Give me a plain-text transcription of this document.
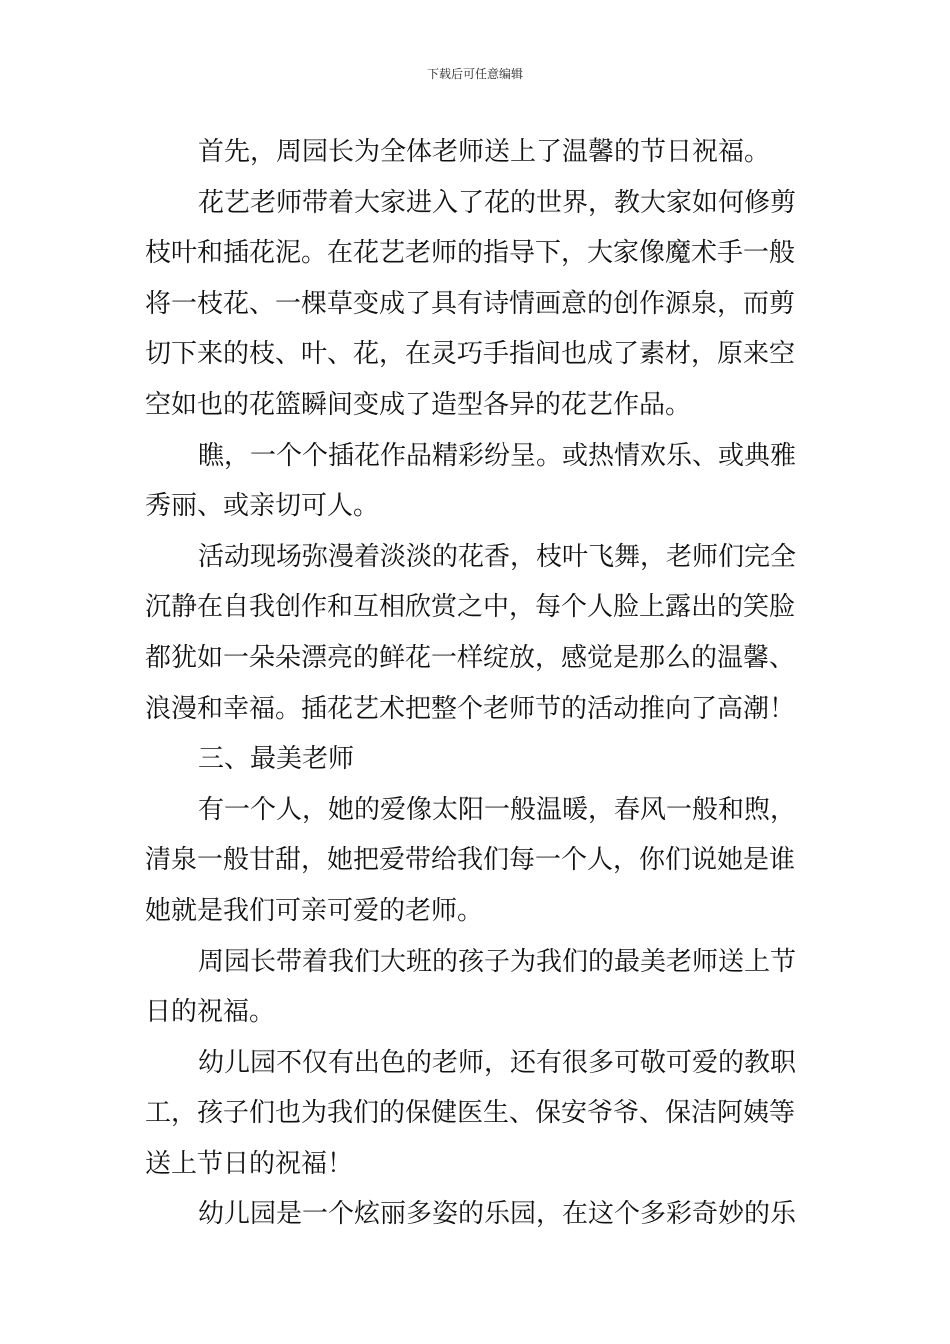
下载后可任意编辑
首先，周园长为全体老师送上了温馨的节日祝福。
花艺老师带着大家进入了花的世界，教大家如何修剪
枝叶和插花泥。在花艺老师的指导下，大家像魔术手一般
将一枝花、一棵草变成了具有诗情画意的创作源泉，而剪
切下来的枝、叶、花，在灵巧手指间也成了素材，原来空
空如也的花篮瞬间变成了造型各异的花艺作品。
瞧，一个个插花作品精彩纷呈。或热情欢乐、或典雅
秀丽、或亲切可人。
活动现场弥漫着淡淡的花香，枝叶飞舞，老师们完全
沉静在自我创作和互相欣赏之中，每个人脸上露出的笑脸
都犹如一朵朵漂亮的鲜花一样绽放，感觉是那么的温馨、
浪漫和幸福。插花艺术把整个老师节的活动推向了高潮！
三、最美老师
有一个人，她的爱像太阳一般温暖，春风一般和煦，
清泉一般甘甜，她把爱带给我们每一个人，你们说她是谁
她就是我们可亲可爱的老师。
周园长带着我们大班的孩子为我们的最美老师送上节
日的祝福。
幼儿园不仅有出色的老师，还有很多可敬可爱的教职
工，孩子们也为我们的保健医生、保安爷爷、保洁阿姨等
送上节日的祝福！
幼儿园是一个炫丽多姿的乐园，在这个多彩奇妙的乐
